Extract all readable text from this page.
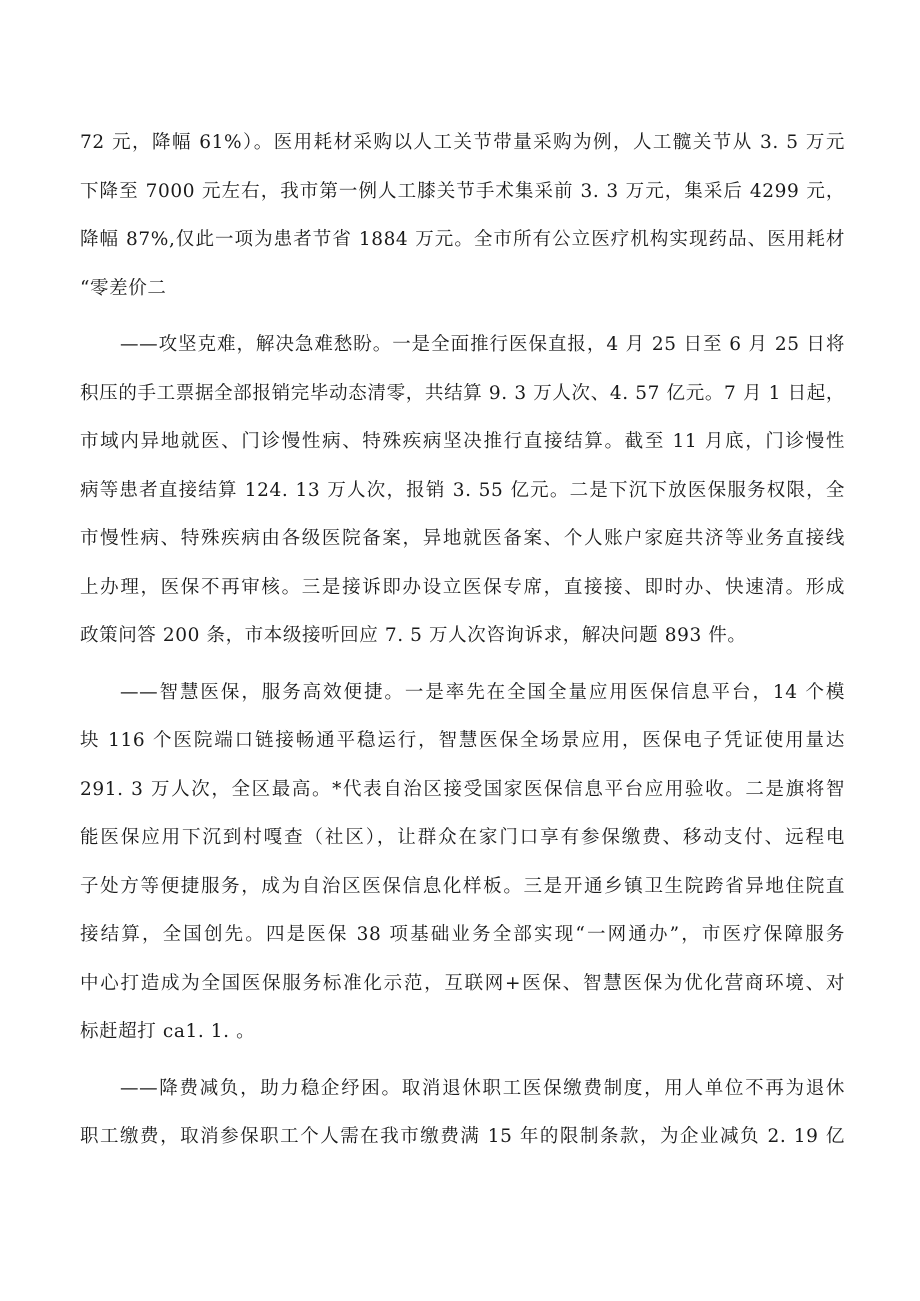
72 元，降幅 61%）。医用耗材采购以人工关节带量采购为例，人工髋关节从 3. 5 万元
下降至 7000 元左右，我市第一例人工膝关节手术集采前 3. 3 万元，集采后 4299 元，
降幅 87%,仅此一项为患者节省 1884 万元。全市所有公立医疗机构实现药品、医用耗材
“零差价二
——攻坚克难，解决急难愁盼。一是全面推行医保直报，4 月 25 日至 6 月 25 日将
积压的手工票据全部报销完毕动态清零，共结算 9. 3 万人次、4. 57 亿元。7 月 1 日起，
市域内异地就医、门诊慢性病、特殊疾病坚决推行直接结算。截至 11 月底，门诊慢性
病等患者直接结算 124. 13 万人次，报销 3. 55 亿元。二是下沉下放医保服务权限，全
市慢性病、特殊疾病由各级医院备案，异地就医备案、个人账户家庭共济等业务直接线
上办理，医保不再审核。三是接诉即办设立医保专席，直接接、即时办、快速清。形成
政策问答 200 条，市本级接听回应 7. 5 万人次咨询诉求，解决问题 893 件。
——智慧医保，服务高效便捷。一是率先在全国全量应用医保信息平台，14 个模
块 116 个医院端口链接畅通平稳运行，智慧医保全场景应用，医保电子凭证使用量达
291. 3 万人次，全区最高。*代表自治区接受国家医保信息平台应用验收。二是旗将智
能医保应用下沉到村嘎查（社区），让群众在家门口享有参保缴费、移动支付、远程电
子处方等便捷服务，成为自治区医保信息化样板。三是开通乡镇卫生院跨省异地住院直
接结算，全国创先。四是医保 38 项基础业务全部实现“一网通办”，市医疗保障服务
中心打造成为全国医保服务标准化示范，互联网+医保、智慧医保为优化营商环境、对
标赶超打 ca1. 1. 。
——降费减负，助力稳企纾困。取消退休职工医保缴费制度，用人单位不再为退休
职工缴费，取消参保职工个人需在我市缴费满 15 年的限制条款，为企业减负 2. 19 亿
